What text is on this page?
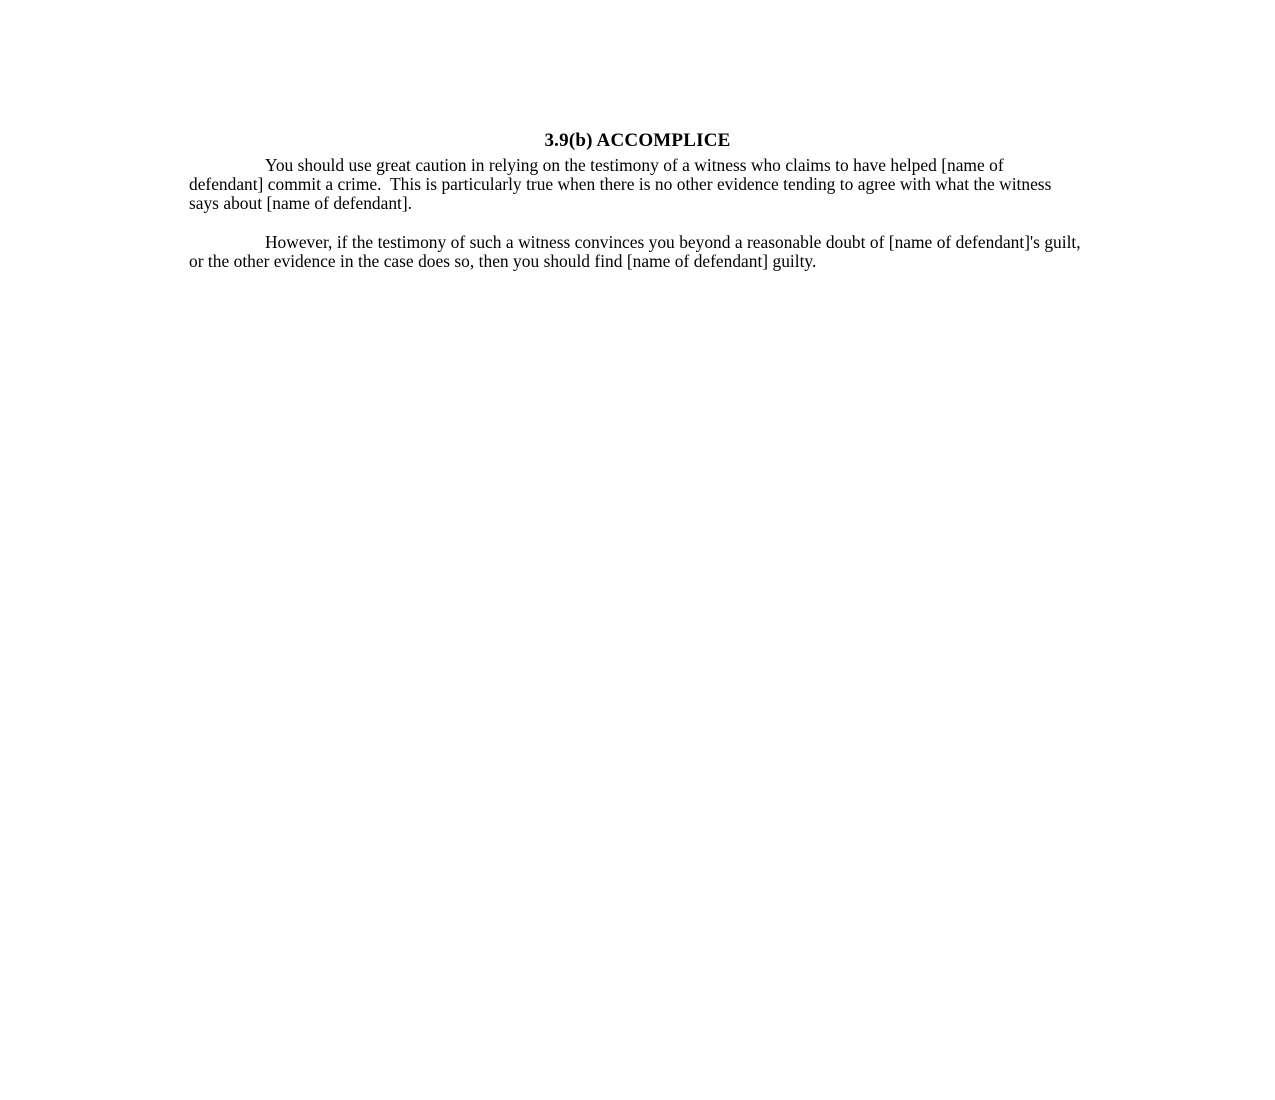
3.9(b) ACCOMPLICE

You should use great caution in relying on the testimony of a witness who claims to have helped [name of defendant] commit a crime.  This is particularly true when there is no other evidence tending to agree with what the witness says about [name of defendant].

However, if the testimony of such a witness convinces you beyond a reasonable doubt of [name of defendant]'s guilt, or the other evidence in the case does so, then you should find [name of defendant] guilty.
